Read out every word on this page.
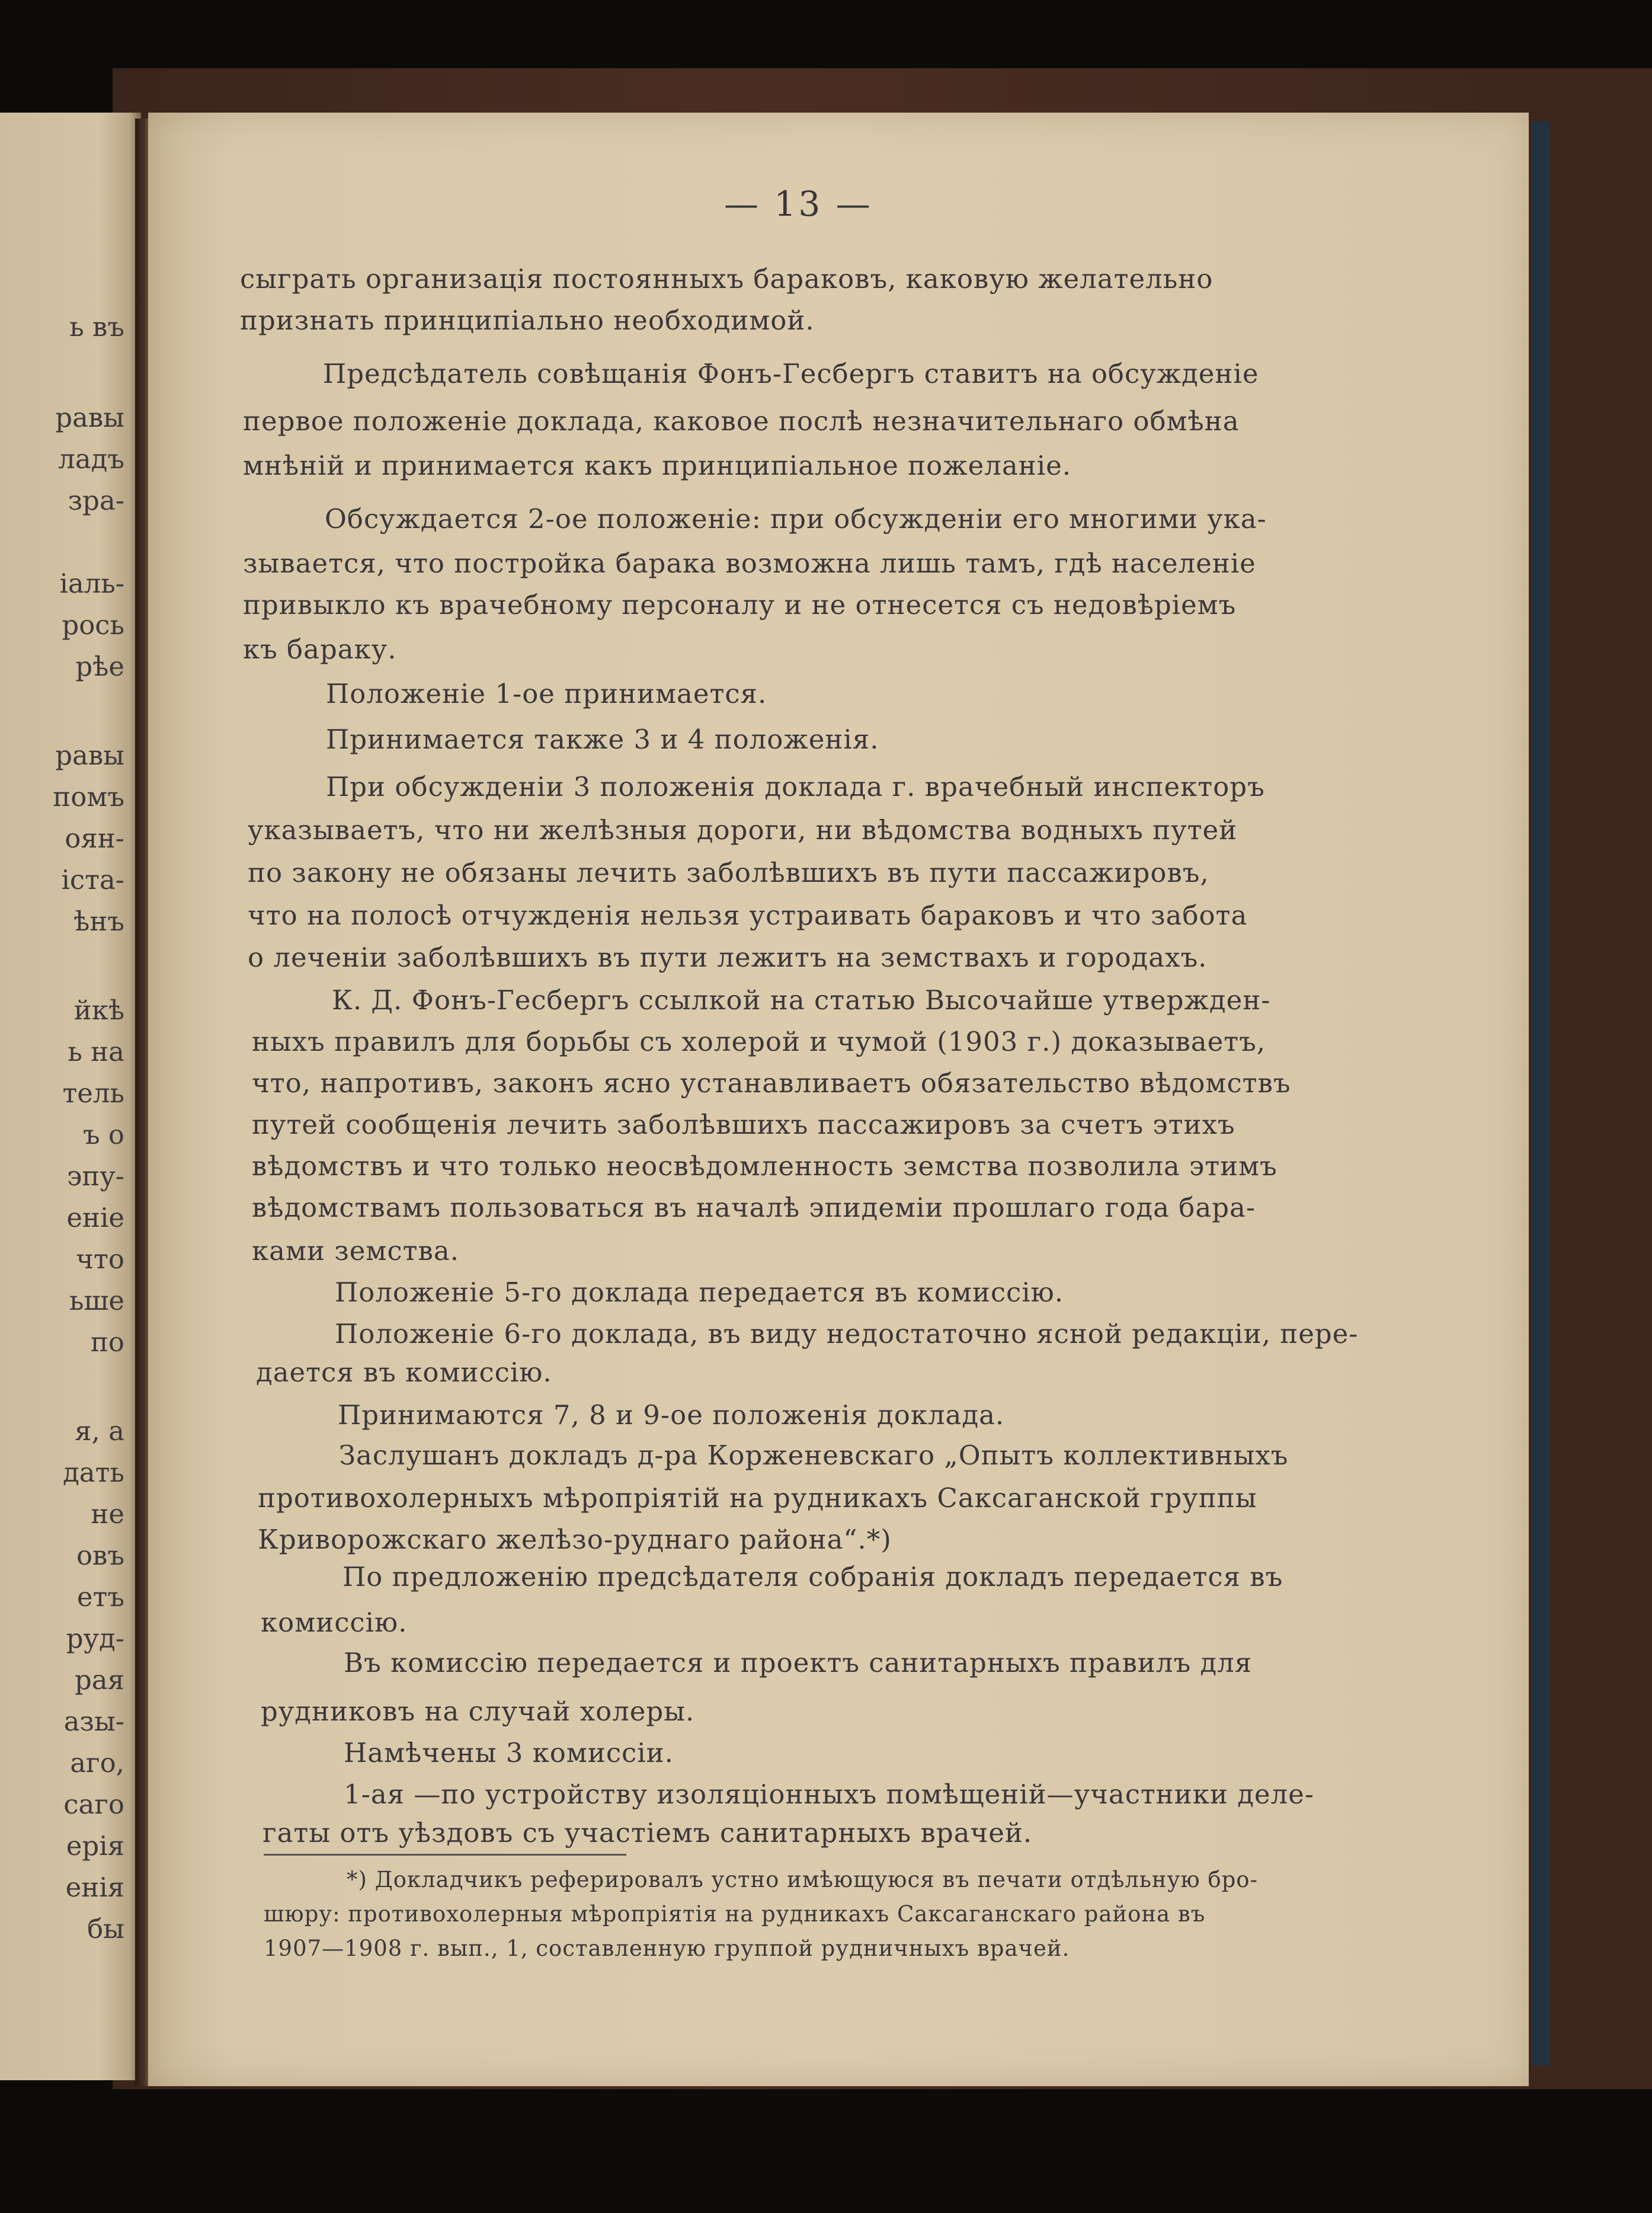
ь въ
равы
ладъ
зра-
іаль-
рось
рѣе
равы
помъ
оян-
іста-
ѣнъ
йкѣ
ь на
тель
ъ о
эпу-
еніе
что
ьше
по
я, а
дать
не
овъ
етъ
руд-
рая
азы-
аго,
саго
ерія
енія
бы
— 13 —
сыграть организація постоянныхъ бараковъ, каковую желательно
признать принципіально необходимой.
Предсѣдатель совѣщанія Фонъ-Гесбергъ ставитъ на обсужденіе
первое положеніе доклада, каковое послѣ незначительнаго обмѣна
мнѣній и принимается какъ принципіальное пожеланіе.
Обсуждается 2-ое положеніе: при обсужденіи его многими ука-
зывается, что постройка барака возможна лишь тамъ, гдѣ населеніе
привыкло къ врачебному персоналу и не отнесется съ недовѣріемъ
къ бараку.
Положеніе 1-ое принимается.
Принимается также 3 и 4 положенія.
При обсужденіи 3 положенія доклада г. врачебный инспекторъ
указываетъ, что ни желѣзныя дороги, ни вѣдомства водныхъ путей
по закону не обязаны лечить заболѣвшихъ въ пути пассажировъ,
что на полосѣ отчужденія нельзя устраивать бараковъ и что забота
о леченіи заболѣвшихъ въ пути лежитъ на земствахъ и городахъ.
К. Д. Фонъ-Гесбергъ ссылкой на статью Высочайше утвержден-
ныхъ правилъ для борьбы съ холерой и чумой (1903 г.) доказываетъ,
что, напротивъ, законъ ясно устанавливаетъ обязательство вѣдомствъ
путей сообщенія лечить заболѣвшихъ пассажировъ за счетъ этихъ
вѣдомствъ и что только неосвѣдомленность земства позволила этимъ
вѣдомствамъ пользоваться въ началѣ эпидеміи прошлаго года бара-
ками земства.
Положеніе 5-го доклада передается въ комиссію.
Положеніе 6-го доклада, въ виду недостаточно ясной редакціи, пере-
дается въ комиссію.
Принимаются 7, 8 и 9-ое положенія доклада.
Заслушанъ докладъ д-ра Корженевскаго „Опытъ коллективныхъ
противохолерныхъ мѣропріятій на рудникахъ Саксаганской группы
Криворожскаго желѣзо-руднаго района“.*)
По предложенію предсѣдателя собранія докладъ передается въ
комиссію.
Въ комиссію передается и проектъ санитарныхъ правилъ для
рудниковъ на случай холеры.
Намѣчены 3 комиссіи.
1-ая —по устройству изоляціонныхъ помѣщеній—участники деле-
гаты отъ уѣздовъ съ участіемъ санитарныхъ врачей.
*) Докладчикъ реферировалъ устно имѣющуюся въ печати отдѣльную бро-
шюру: противохолерныя мѣропріятія на рудникахъ Саксаганскаго района въ
1907—1908 г. вып., 1, составленную группой рудничныхъ врачей.
